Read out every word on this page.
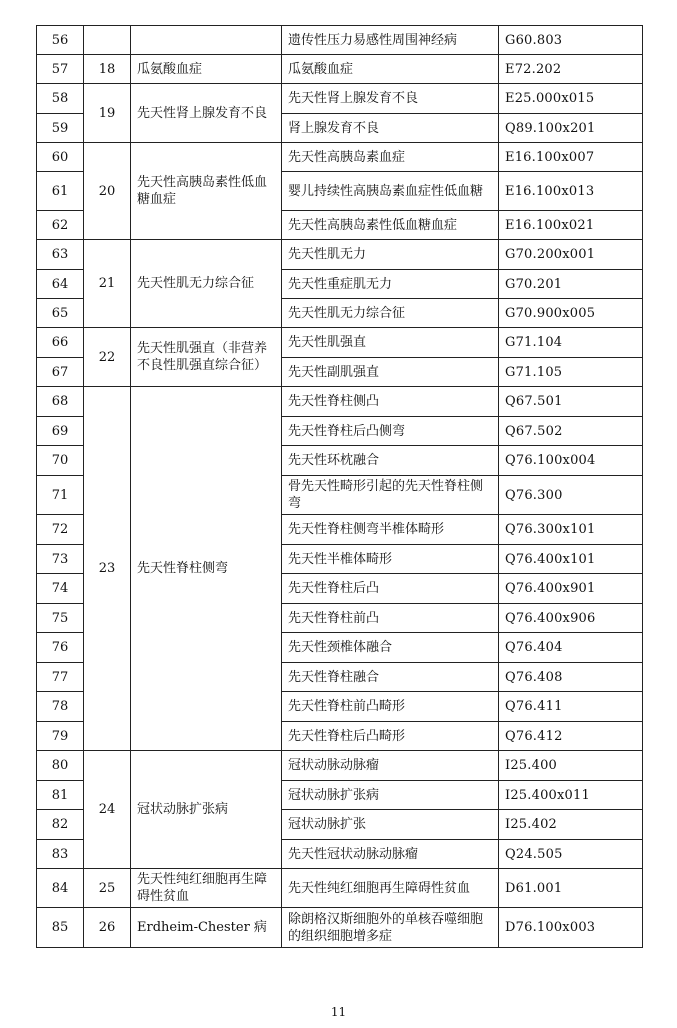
56			遗传性压力易感性周围神经病	G60.803
57	18	瓜氨酸血症	瓜氨酸血症	E72.202
58	19	先天性肾上腺发育不良	先天性肾上腺发育不良	E25.000x015
59			肾上腺发育不良	Q89.100x201
60	20	先天性高胰岛素性低血糖血症	先天性高胰岛素血症	E16.100x007
61			婴儿持续性高胰岛素血症性低血糖	E16.100x013
62			先天性高胰岛素性低血糖血症	E16.100x021
63	21	先天性肌无力综合征	先天性肌无力	G70.200x001
64			先天性重症肌无力	G70.201
65			先天性肌无力综合征	G70.900x005
66	22	先天性肌强直（非营养不良性肌强直综合征）	先天性肌强直	G71.104
67			先天性副肌强直	G71.105
68	23	先天性脊柱侧弯	先天性脊柱侧凸	Q67.501
69			先天性脊柱后凸侧弯	Q67.502
70			先天性环枕融合	Q76.100x004
71			骨先天性畸形引起的先天性脊柱侧弯	Q76.300
72			先天性脊柱侧弯半椎体畸形	Q76.300x101
73			先天性半椎体畸形	Q76.400x101
74			先天性脊柱后凸	Q76.400x901
75			先天性脊柱前凸	Q76.400x906
76			先天性颈椎体融合	Q76.404
77			先天性脊柱融合	Q76.408
78			先天性脊柱前凸畸形	Q76.411
79			先天性脊柱后凸畸形	Q76.412
80	24	冠状动脉扩张病	冠状动脉动脉瘤	I25.400
81			冠状动脉扩张病	I25.400x011
82			冠状动脉扩张	I25.402
83			先天性冠状动脉动脉瘤	Q24.505
84	25	先天性纯红细胞再生障碍性贫血	先天性纯红细胞再生障碍性贫血	D61.001
85	26	Erdheim-Chester 病	除朗格汉斯细胞外的单核吞噬细胞的组织细胞增多症	D76.100x003
11
